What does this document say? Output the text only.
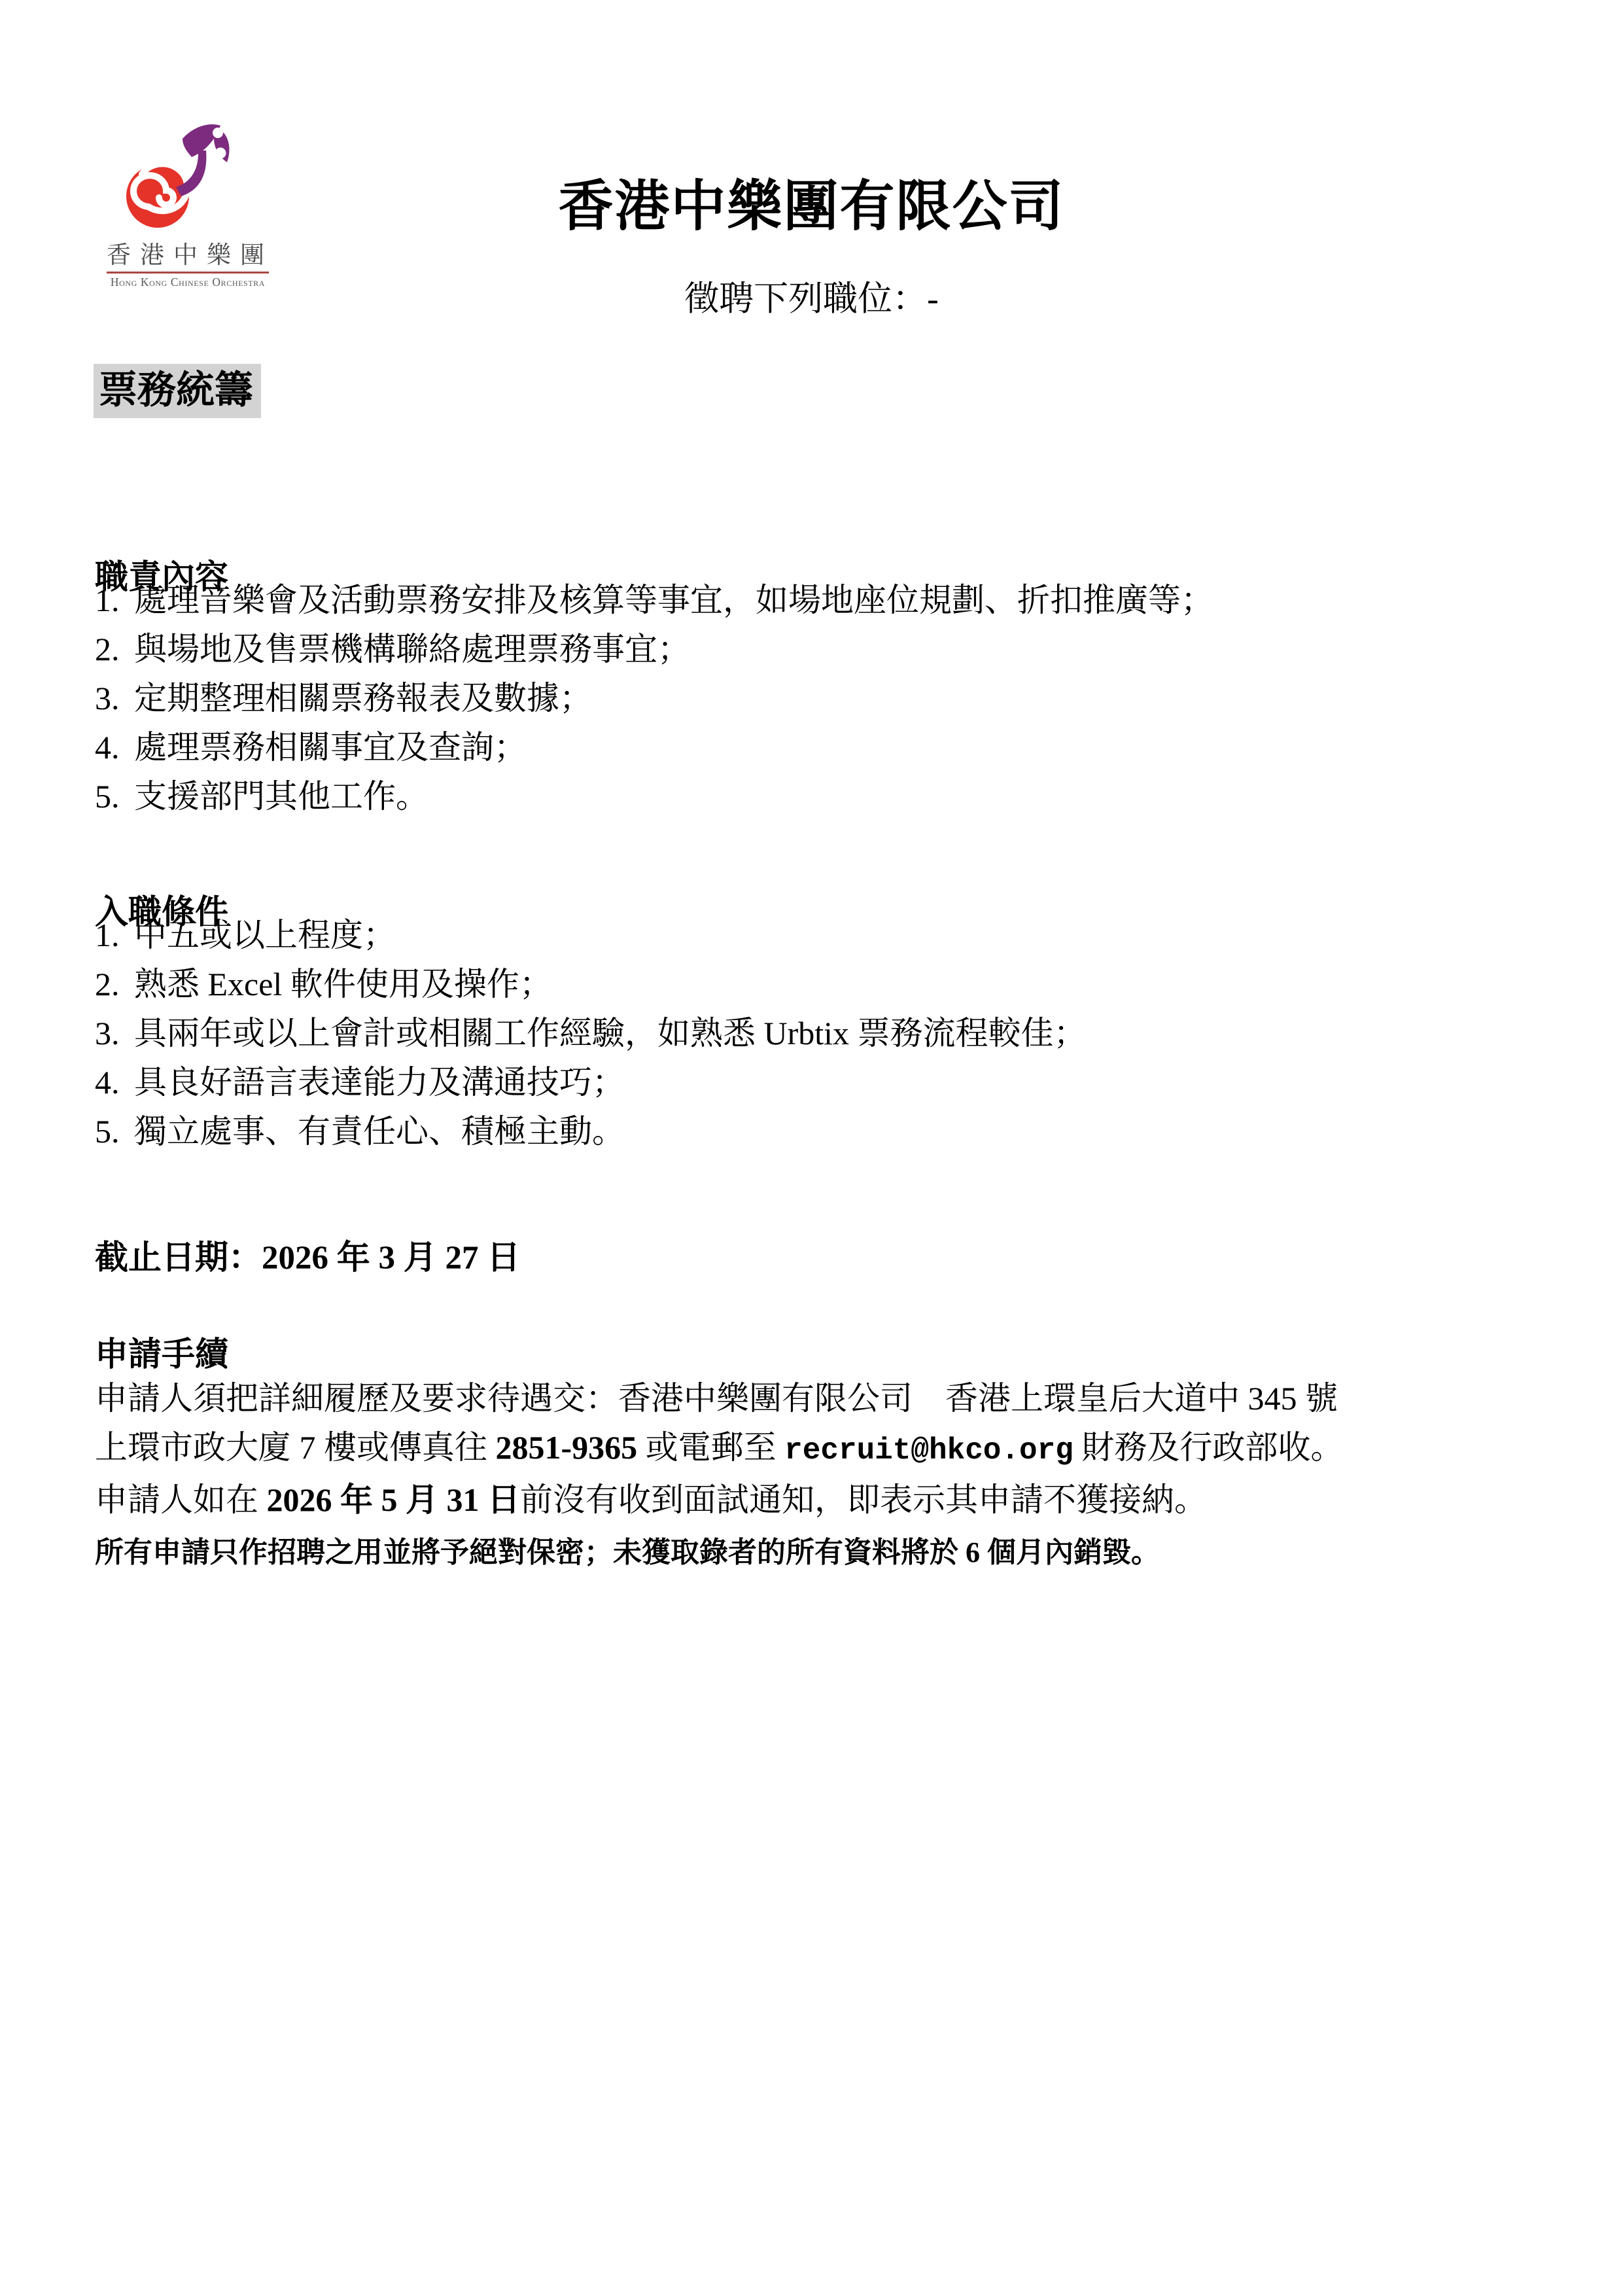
香港中樂團
Hong Kong Chinese Orchestra
香港中樂團有限公司
徵聘下列職位：-
票務統籌
職責內容
處理音樂會及活動票務安排及核算等事宜，如場地座位規劃、折扣推廣等；
與場地及售票機構聯絡處理票務事宜；
定期整理相關票務報表及數據；
處理票務相關事宜及查詢；
支援部門其他工作。
入職條件
中五或以上程度；
熟悉 Excel 軟件使用及操作；
具兩年或以上會計或相關工作經驗，如熟悉 Urbtix 票務流程較佳；
具良好語言表達能力及溝通技巧；
獨立處事、有責任心、積極主動。
截止日期：2026 年 3 月 27 日
申請手續
申請人須把詳細履歷及要求待遇交：香港中樂團有限公司　香港上環皇后大道中 345 號
上環市政大廈 7 樓或傳真往 2851-9365 或電郵至 recruit@hkco.org 財務及行政部收。
申請人如在 2026 年 5 月 31 日前沒有收到面試通知，即表示其申請不獲接納。
所有申請只作招聘之用並將予絕對保密；未獲取錄者的所有資料將於 6 個月內銷毀。
